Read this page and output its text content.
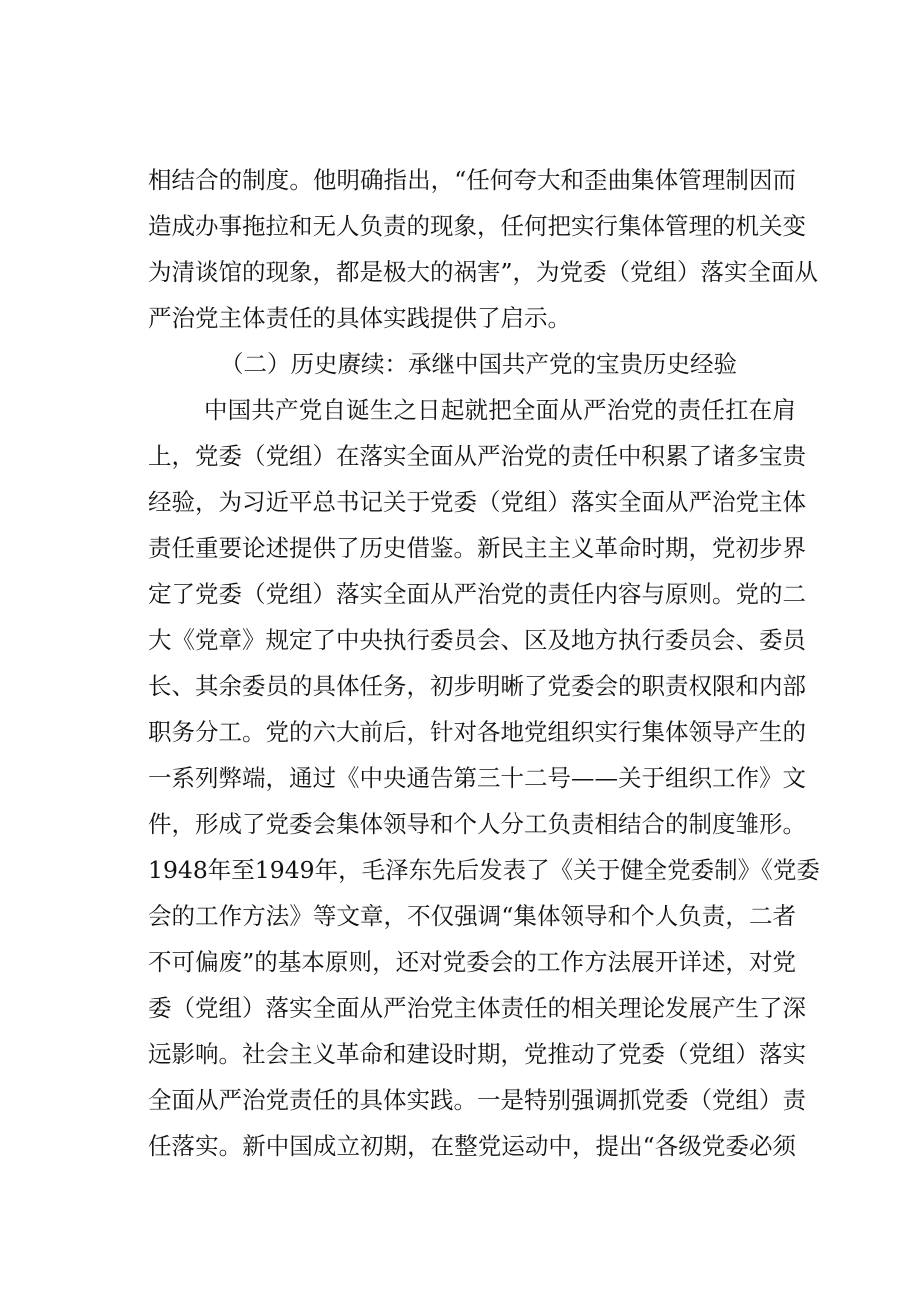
相结合的制度。他明确指出，“任何夸大和歪曲集体管理制因而

造成办事拖拉和无人负责的现象，任何把实行集体管理的机关变

为清谈馆的现象，都是极大的祸害”，为党委（党组）落实全面从

严治党主体责任的具体实践提供了启示。

（二）历史赓续：承继中国共产党的宝贵历史经验

中国共产党自诞生之日起就把全面从严治党的责任扛在肩

上，党委（党组）在落实全面从严治党的责任中积累了诸多宝贵

经验，为习近平总书记关于党委（党组）落实全面从严治党主体

责任重要论述提供了历史借鉴。新民主主义革命时期，党初步界

定了党委（党组）落实全面从严治党的责任内容与原则。党的二

大《党章》规定了中央执行委员会、区及地方执行委员会、委员

长、其余委员的具体任务，初步明晰了党委会的职责权限和内部

职务分工。党的六大前后，针对各地党组织实行集体领导产生的

一系列弊端，通过《中央通告第三十二号——关于组织工作》文

件，形成了党委会集体领导和个人分工负责相结合的制度雏形。

1948年至1949年，毛泽东先后发表了《关于健全党委制》《党委

会的工作方法》等文章，不仅强调“集体领导和个人负责，二者

不可偏废”的基本原则，还对党委会的工作方法展开详述，对党

委（党组）落实全面从严治党主体责任的相关理论发展产生了深

远影响。社会主义革命和建设时期，党推动了党委（党组）落实

全面从严治党责任的具体实践。一是特别强调抓党委（党组）责

任落实。新中国成立初期，在整党运动中，提出“各级党委必须
